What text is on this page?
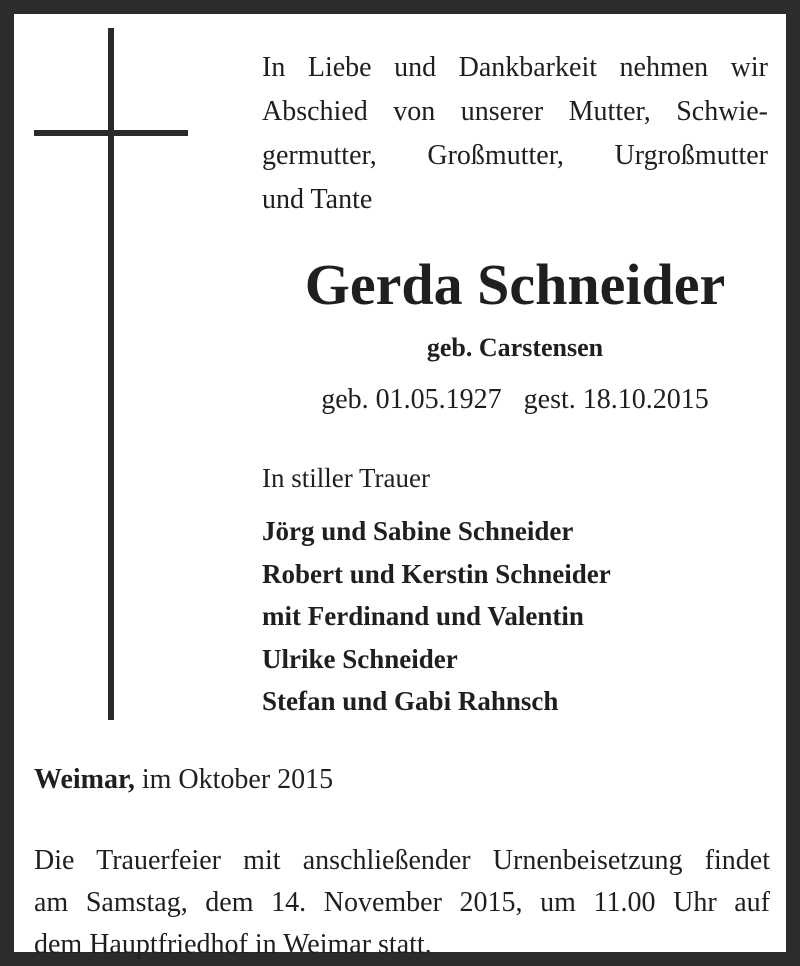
In Liebe und Dankbarkeit nehmen wir
Abschied von unserer Mutter, Schwie-
germutter, Großmutter, Urgroßmutter
und Tante
Gerda Schneider
geb. Carstensen
geb. 01.05.1927 gest. 18.10.2015
In stiller Trauer
Jörg und Sabine Schneider
Robert und Kerstin Schneider
mit Ferdinand und Valentin
Ulrike Schneider
Stefan und Gabi Rahnsch
Weimar, im Oktober 2015
Die Trauerfeier mit anschließender Urnenbeisetzung findet
am Samstag, dem 14. November 2015, um 11.00 Uhr auf
dem Hauptfriedhof in Weimar statt.
